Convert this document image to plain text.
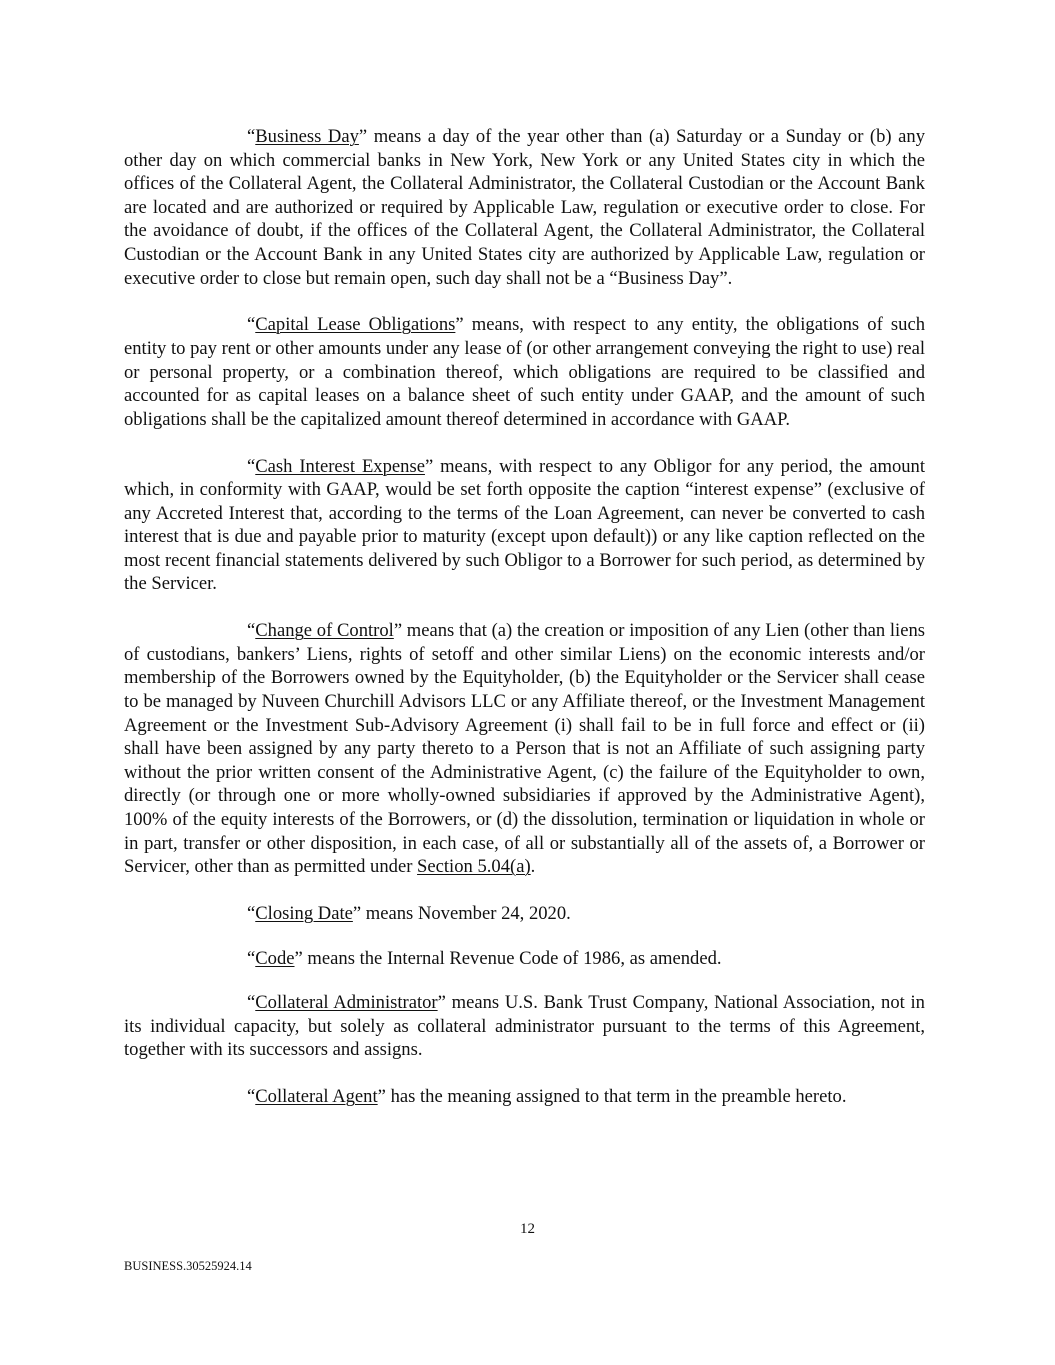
“Business Day” means a day of the year other than (a) Saturday or a Sunday or (b) any other day on which commercial banks in New York, New York or any United States city in which the offices of the Collateral Agent, the Collateral Administrator, the Collateral Custodian or the Account Bank are located and are authorized or required by Applicable Law, regulation or executive order to close. For the avoidance of doubt, if the offices of the Collateral Agent, the Collateral Administrator, the Collateral Custodian or the Account Bank in any United States city are authorized by Applicable Law, regulation or executive order to close but remain open, such day shall not be a “Business Day”.

“Capital Lease Obligations” means, with respect to any entity, the obligations of such entity to pay rent or other amounts under any lease of (or other arrangement conveying the right to use) real or personal property, or a combination thereof, which obligations are required to be classified and accounted for as capital leases on a balance sheet of such entity under GAAP, and the amount of such obligations shall be the capitalized amount thereof determined in accordance with GAAP.

“Cash Interest Expense” means, with respect to any Obligor for any period, the amount which, in conformity with GAAP, would be set forth opposite the caption “interest expense” (exclusive of any Accreted Interest that, according to the terms of the Loan Agreement, can never be converted to cash interest that is due and payable prior to maturity (except upon default)) or any like caption reflected on the most recent financial statements delivered by such Obligor to a Borrower for such period, as determined by the Servicer.

“Change of Control” means that (a) the creation or imposition of any Lien (other than liens of custodians, bankers’ Liens, rights of setoff and other similar Liens) on the economic interests and/or membership of the Borrowers owned by the Equityholder, (b) the Equityholder or the Servicer shall cease to be managed by Nuveen Churchill Advisors LLC or any Affiliate thereof, or the Investment Management Agreement or the Investment Sub-Advisory Agreement (i) shall fail to be in full force and effect or (ii) shall have been assigned by any party thereto to a Person that is not an Affiliate of such assigning party without the prior written consent of the Administrative Agent, (c) the failure of the Equityholder to own, directly (or through one or more wholly-owned subsidiaries if approved by the Administrative Agent), 100% of the equity interests of the Borrowers, or (d) the dissolution, termination or liquidation in whole or in part, transfer or other disposition, in each case, of all or substantially all of the assets of, a Borrower or Servicer, other than as permitted under Section 5.04(a).

“Closing Date” means November 24, 2020.

“Code” means the Internal Revenue Code of 1986, as amended.

“Collateral Administrator” means U.S. Bank Trust Company, National Association, not in its individual capacity, but solely as collateral administrator pursuant to the terms of this Agreement, together with its successors and assigns.

“Collateral Agent” has the meaning assigned to that term in the preamble hereto.

12
BUSINESS.30525924.14
